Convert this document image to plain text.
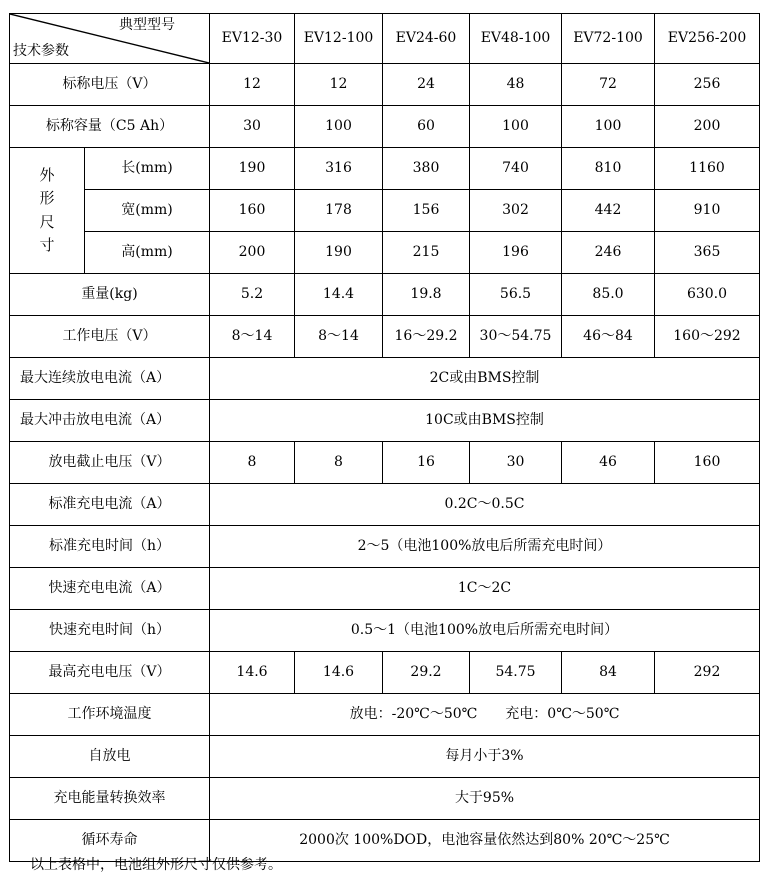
典型型号
技术参数		EV12-30	EV12-100	EV24-60	EV48-100	EV72-100	EV256-200
标称电压（V）		12	12	24	48	72	256
标称容量（C5 Ah）		30	100	60	100	100	200
外形尺寸	长(mm)	190	316	380	740	810	1160
	宽(mm)	160	178	156	302	442	910
	高(mm)	200	190	215	196	246	365
重量(kg)		5.2	14.4	19.8	56.5	85.0	630.0
工作电压（V）		8～14	8～14	16～29.2	30～54.75	46～84	160～292
最大连续放电电流（A）		2C或由BMS控制					
最大冲击放电电流（A）		10C或由BMS控制					
放电截止电压（V）		8	8	16	30	46	160
标准充电电流（A）		0.2C～0.5C					
标准充电时间（h）		2～5（电池100%放电后所需充电时间）					
快速充电电流（A）		1C～2C					
快速充电时间（h）		0.5～1（电池100%放电后所需充电时间）					
最高充电电压（V）		14.6	14.6	29.2	54.75	84	292
工作环境温度		放电：-20℃～50℃　　充电：0℃～50℃					
自放电		每月小于3%					
充电能量转换效率		大于95%					
循环寿命		2000次 100%DOD，电池容量依然达到80% 20℃～25℃					
以上表格中，电池组外形尺寸仅供参考。
